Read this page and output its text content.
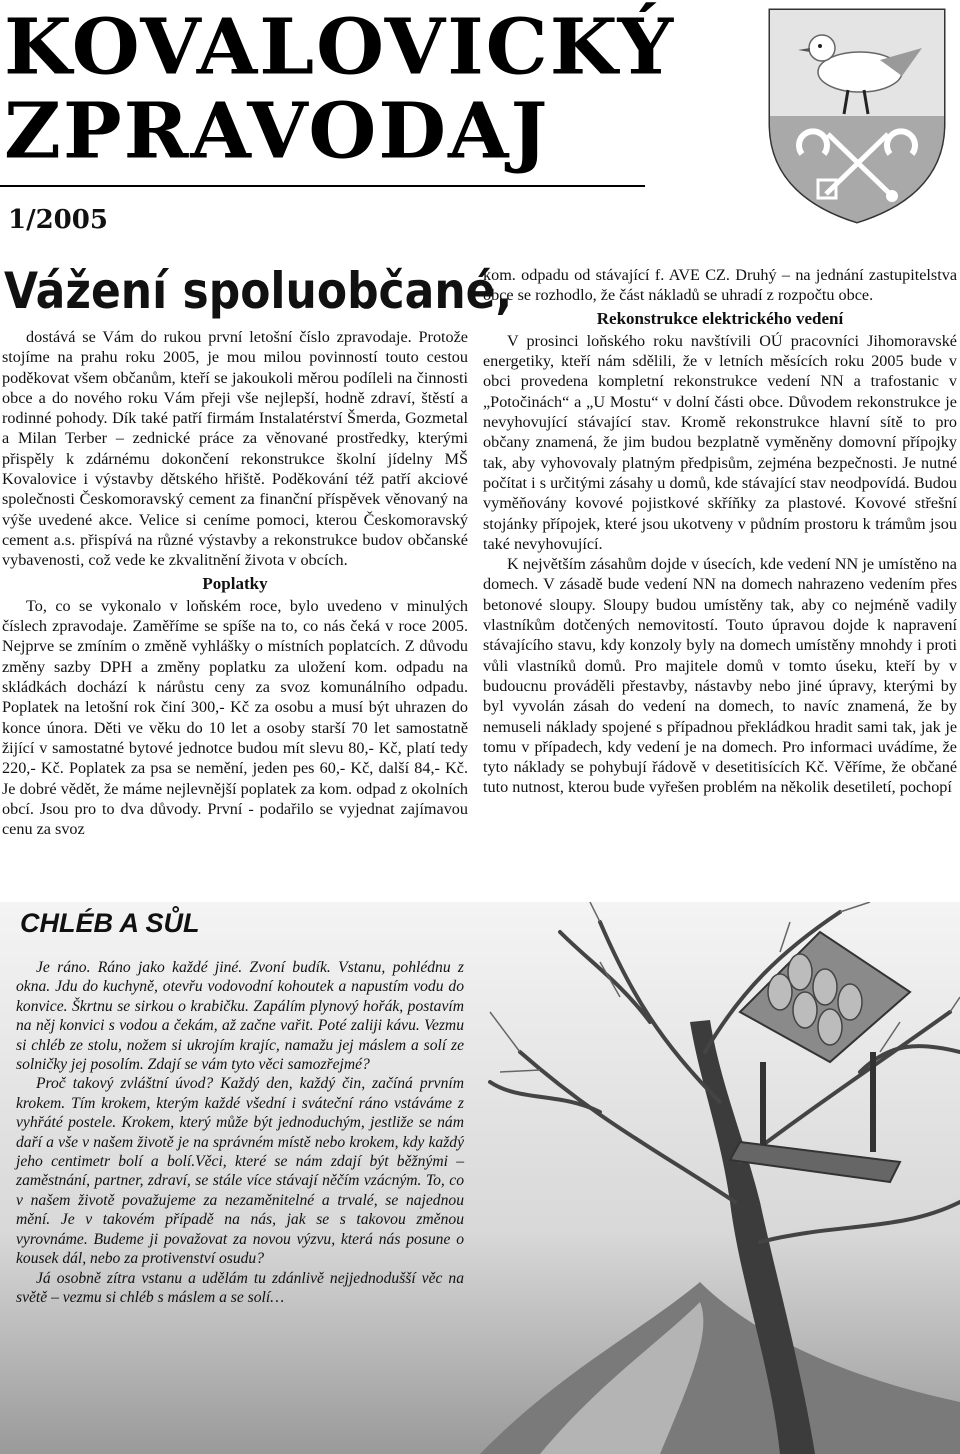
KOVALOVICKÝ
ZPRAVODAJ
1/2005
Vážení spoluobčané,

dostává se Vám do rukou první letošní číslo zpravodaje. Protože stojíme na prahu roku 2005, je mou milou povinností touto cestou poděkovat všem občanům, kteří se jakoukoli měrou podíleli na činnosti obce a do nového roku Vám přeji vše nejlepší, hodně zdraví, štěstí a rodinné pohody. Dík také patří firmám Instalatérství Šmerda, Gozmetal a Milan Terber – zednické práce za věnované prostředky, kterými přispěly k zdárnému dokončení rekonstrukce školní jídelny MŠ Kovalovice i výstavby dětského hřiště. Poděkování též patří akciové společnosti Českomoravský cement za finanční příspěvek věnovaný na výše uvedené akce. Velice si ceníme pomoci, kterou Českomoravský cement a.s. přispívá na různé výstavby a rekonstrukce budov občanské vybavenosti, což vede ke zkvalitnění života v obcích.

Poplatky

To, co se vykonalo v loňském roce, bylo uvedeno v minulých číslech zpravodaje. Zaměříme se spíše na to, co nás čeká v roce 2005. Nejprve se zmíním o změně vyhlášky o místních poplatcích. Z důvodu změny sazby DPH a změny poplatku za uložení kom. odpadu na skládkách dochází k nárůstu ceny za svoz komunálního odpadu. Poplatek na letošní rok činí 300,- Kč za osobu a musí být uhrazen do konce února. Děti ve věku do 10 let a osoby starší 70 let samostatně žijící v samostatné bytové jednotce budou mít slevu 80,- Kč, platí tedy 220,- Kč. Poplatek za psa se nemění, jeden pes 60,- Kč, další 84,- Kč. Je dobré vědět, že máme nejlevnější poplatek za kom. odpad z okolních obcí. Jsou pro to dva důvody. První - podařilo se vyjednat zajímavou cenu za svoz

kom. odpadu od stávající f. AVE CZ. Druhý – na jednání zastupitelstva obce se rozhodlo, že část nákladů se uhradí z rozpočtu obce.

Rekonstrukce elektrického vedení

V prosinci loňského roku navštívili OÚ pracovníci Jihomoravské energetiky, kteří nám sdělili, že v letních měsících roku 2005 bude v obci provedena kompletní rekonstrukce vedení NN a trafostanic v „Potočinách“ a „U Mostu“ v dolní části obce. Důvodem rekonstrukce je nevyhovující stávající stav. Kromě rekonstrukce hlavní sítě to pro občany znamená, že jim budou bezplatně vyměněny domovní přípojky tak, aby vyhovovaly platným předpisům, zejména bezpečnosti. Je nutné počítat i s určitými zásahy u domů, kde stávající stav neodpovídá. Budou vyměňovány kovové pojistkové skříňky za plastové. Kovové střešní stojánky přípojek, které jsou ukotveny v půdním prostoru k trámům jsou také nevyhovující.

K největším zásahům dojde v úsecích, kde vedení NN je umístěno na domech. V zásadě bude vedení NN na domech nahrazeno vedením přes betonové sloupy. Sloupy budou umístěny tak, aby co nejméně vadily vlastníkům dotčených nemovitostí. Touto úpravou dojde k napravení stávajícího stavu, kdy konzoly byly na domech umístěny mnohdy i proti vůli vlastníků domů. Pro majitele domů v tomto úseku, kteří by v budoucnu prováděli přestavby, nástavby nebo jiné úpravy, kterými by byl vyvolán zásah do vedení na domech, to navíc znamená, že by nemuseli náklady spojené s případnou překládkou hradit sami tak, jak je tomu v případech, kdy vedení je na domech. Pro informaci uvádíme, že tyto náklady se pohybují řádově v desetitisících Kč. Věříme, že občané tuto nutnost, kterou bude vyřešen problém na několik desetiletí, pochopí

CHLÉB A SŮL

Je ráno. Ráno jako každé jiné. Zvoní budík. Vstanu, pohlédnu z okna. Jdu do kuchyně, otevřu vodovodní kohoutek a napustím vodu do konvice. Škrtnu se sirkou o krabičku. Zapálím plynový hořák, postavím na něj konvici s vodou a čekám, až začne vařit. Poté zaliji kávu. Vezmu si chléb ze stolu, nožem si ukrojím krajíc, namažu jej máslem a solí ze solničky jej posolím. Zdají se vám tyto věci samozřejmé?

Proč takový zvláštní úvod? Každý den, každý čin, začíná prvním krokem. Tím krokem, kterým každé všední i sváteční ráno vstáváme z vyhřáté postele. Krokem, který může být jednoduchým, jestliže se nám daří a vše v našem životě je na správném místě nebo krokem, kdy každý jeho centimetr bolí a bolí.Věci, které se nám zdají být běžnými – zaměstnání, partner, zdraví, se stále více stávají něčím vzácným. To, co v našem životě považujeme za nezaměnitelné a trvalé, se najednou mění. Je v takovém případě na nás, jak se s takovou změnou vyrovnáme. Budeme ji považovat za novou výzvu, která nás posune o kousek dál, nebo za protivenství osudu?

Já osobně zítra vstanu a udělám tu zdánlivě nejjednodušší věc na světě – vezmu si chléb s máslem a se solí…
